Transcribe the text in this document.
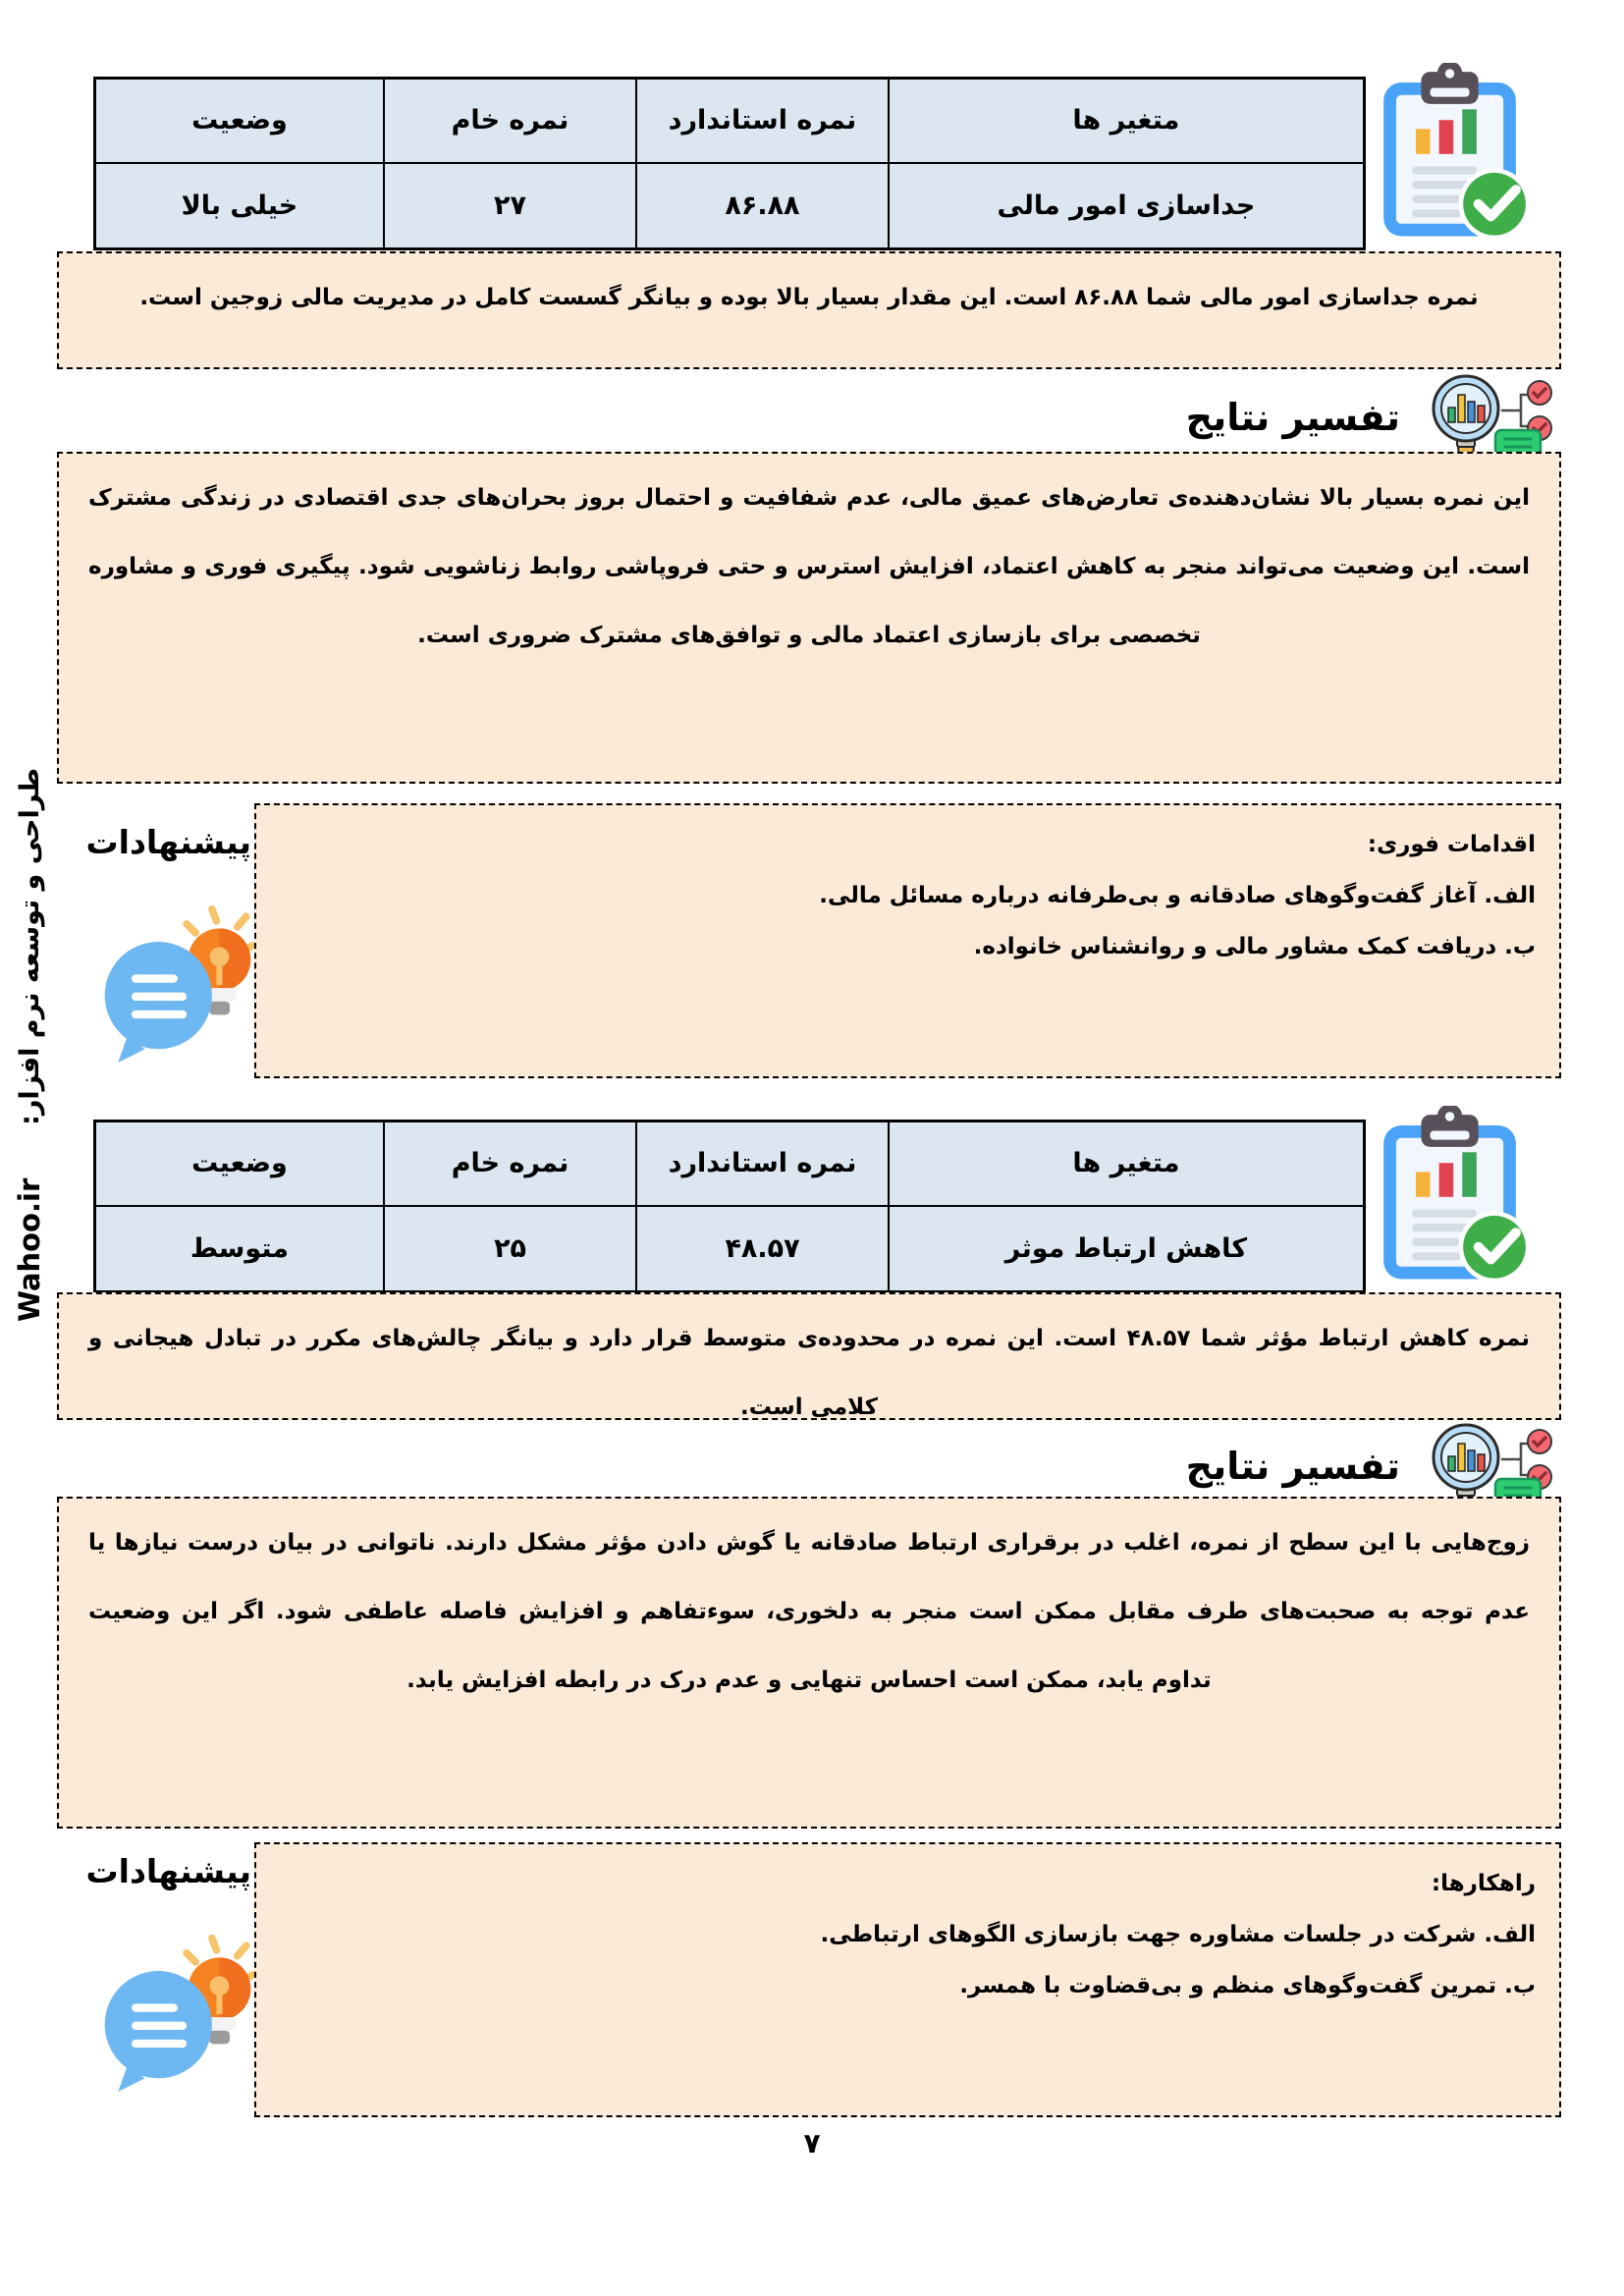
متغیر ها	نمره استاندارد	نمره خام	وضعیت
جداسازی امور مالی	۸۶.۸۸	۲۷	خیلی بالا
نمره جداسازی امور مالی شما ۸۶.۸۸ است. این مقدار بسیار بالا بوده و بیانگر گسست کامل در مدیریت مالی زوجین است.
تفسیر نتایج
این نمره بسیار بالا نشان‌دهنده‌ی تعارض‌های عمیق مالی، عدم شفافیت و احتمال بروز بحران‌های جدی اقتصادی در زندگی مشترک است. این وضعیت می‌تواند منجر به کاهش اعتماد، افزایش استرس و حتی فروپاشی روابط زناشویی شود. پیگیری فوری و مشاوره تخصصی برای بازسازی اعتماد مالی و توافق‌های مشترک ضروری است.
پیشنهادات	اقدامات فوری:
الف. آغاز گفت‌وگوهای صادقانه و بی‌طرفانه درباره مسائل مالی.
ب. دریافت کمک مشاور مالی و روانشناس خانواده.
متغیر ها	نمره استاندارد	نمره خام	وضعیت
کاهش ارتباط موثر	۴۸.۵۷	۲۵	متوسط
نمره کاهش ارتباط مؤثر شما ۴۸.۵۷ است. این نمره در محدوده‌ی متوسط قرار دارد و بیانگر چالش‌های مکرر در تبادل هیجانی و کلامی است.
تفسیر نتایج
زوج‌هایی با این سطح از نمره، اغلب در برقراری ارتباط صادقانه یا گوش دادن مؤثر مشکل دارند. ناتوانی در بیان درست نیازها یا عدم توجه به صحبت‌های طرف مقابل ممکن است منجر به دلخوری، سوءتفاهم و افزایش فاصله عاطفی شود. اگر این وضعیت تداوم یابد، ممکن است احساس تنهایی و عدم درک در رابطه افزایش یابد.
پیشنهادات	راهکارها:
الف. شرکت در جلسات مشاوره جهت بازسازی الگوهای ارتباطی.
ب. تمرین گفت‌وگوهای منظم و بی‌قضاوت با همسر.
طراحی و توسعه نرم افزار:
Wahoo.ir
۷
